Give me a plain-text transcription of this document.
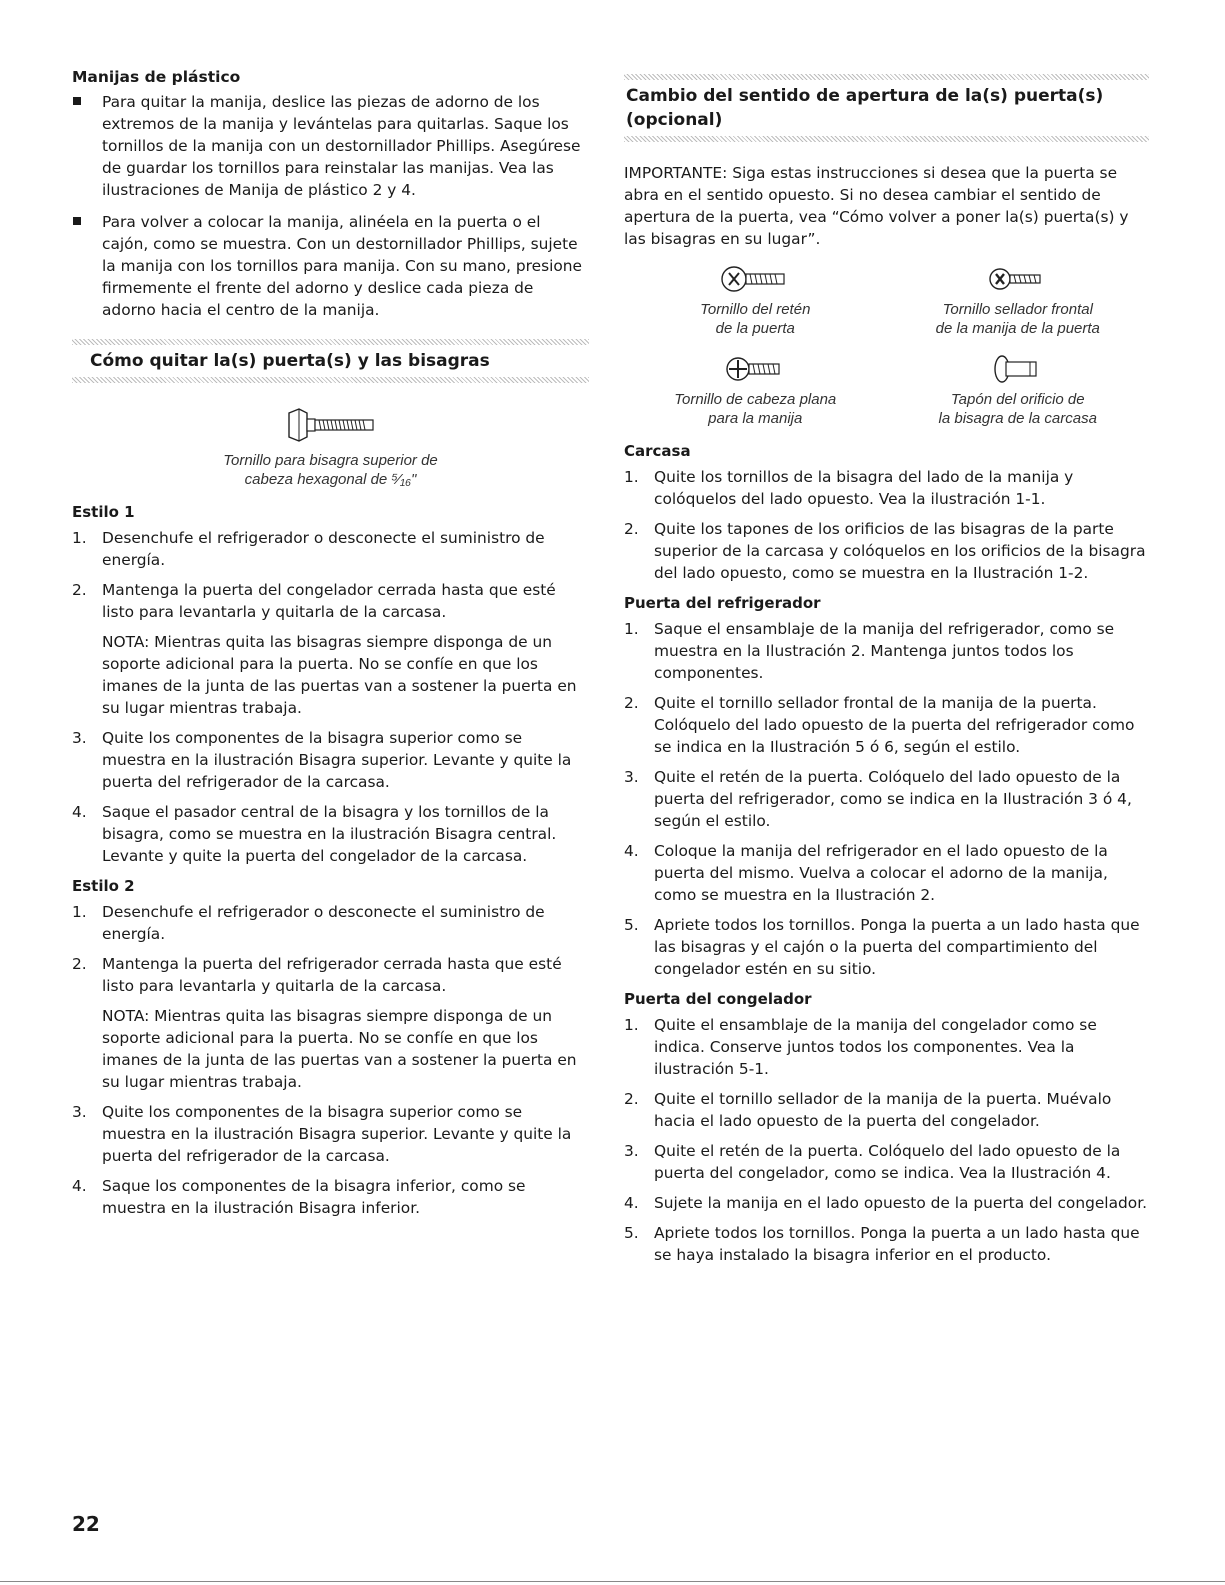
Manijas de plástico
Para quitar la manija, deslice las piezas de adorno de los extremos de la manija y levántelas para quitarlas. Saque los tornillos de la manija con un destornillador Phillips. Asegúrese de guardar los tornillos para reinstalar las manijas. Vea las ilustraciones de Manija de plástico 2 y 4.
Para volver a colocar la manija, alinéela en la puerta o el cajón, como se muestra. Con un destornillador Phillips, sujete la manija con los tornillos para manija. Con su mano, presione firmemente el frente del adorno y deslice cada pieza de adorno hacia el centro de la manija.
Cómo quitar la(s) puerta(s) y las bisagras
Tornillo para bisagra superior de
cabeza hexagonal de ⁵⁄₁₆"
Estilo 1
1. Desenchufe el refrigerador o desconecte el suministro de energía.
2. Mantenga la puerta del congelador cerrada hasta que esté listo para levantarla y quitarla de la carcasa.

NOTA: Mientras quita las bisagras siempre disponga de un soporte adicional para la puerta. No se confíe en que los imanes de la junta de las puertas van a sostener la puerta en su lugar mientras trabaja.

3. Quite los componentes de la bisagra superior como se muestra en la ilustración Bisagra superior. Levante y quite la puerta del refrigerador de la carcasa.
4. Saque el pasador central de la bisagra y los tornillos de la bisagra, como se muestra en la ilustración Bisagra central. Levante y quite la puerta del congelador de la carcasa.
Estilo 2
1. Desenchufe el refrigerador o desconecte el suministro de energía.
2. Mantenga la puerta del refrigerador cerrada hasta que esté listo para levantarla y quitarla de la carcasa.

NOTA: Mientras quita las bisagras siempre disponga de un soporte adicional para la puerta. No se confíe en que los imanes de la junta de las puertas van a sostener la puerta en su lugar mientras trabaja.

3. Quite los componentes de la bisagra superior como se muestra en la ilustración Bisagra superior. Levante y quite la puerta del refrigerador de la carcasa.
4. Saque los componentes de la bisagra inferior, como se muestra en la ilustración Bisagra inferior.
Cambio del sentido de apertura de la(s) puerta(s) (opcional)

IMPORTANTE: Siga estas instrucciones si desea que la puerta se abra en el sentido opuesto. Si no desea cambiar el sentido de apertura de la puerta, vea “Cómo volver a poner la(s) puerta(s) y las bisagras en su lugar”.

Tornillo del retén
de la puerta
Tornillo sellador frontal
de la manija de la puerta
Tornillo de cabeza plana
para la manija
Tapón del orificio de
la bisagra de la carcasa
Carcasa
1. Quite los tornillos de la bisagra del lado de la manija y colóquelos del lado opuesto. Vea la ilustración 1-1.
2. Quite los tapones de los orificios de las bisagras de la parte superior de la carcasa y colóquelos en los orificios de la bisagra del lado opuesto, como se muestra en la Ilustración 1-2.
Puerta del refrigerador
1. Saque el ensamblaje de la manija del refrigerador, como se muestra en la Ilustración 2. Mantenga juntos todos los componentes.
2. Quite el tornillo sellador frontal de la manija de la puerta. Colóquelo del lado opuesto de la puerta del refrigerador como se indica en la Ilustración 5 ó 6, según el estilo.
3. Quite el retén de la puerta. Colóquelo del lado opuesto de la puerta del refrigerador, como se indica en la Ilustración 3 ó 4, según el estilo.
4. Coloque la manija del refrigerador en el lado opuesto de la puerta del mismo. Vuelva a colocar el adorno de la manija, como se muestra en la Ilustración 2.
5. Apriete todos los tornillos. Ponga la puerta a un lado hasta que las bisagras y el cajón o la puerta del compartimiento del congelador estén en su sitio.
Puerta del congelador
1. Quite el ensamblaje de la manija del congelador como se indica. Conserve juntos todos los componentes. Vea la ilustración 5-1.
2. Quite el tornillo sellador de la manija de la puerta. Muévalo hacia el lado opuesto de la puerta del congelador.
3. Quite el retén de la puerta. Colóquelo del lado opuesto de la puerta del congelador, como se indica. Vea la Ilustración 4.
4. Sujete la manija en el lado opuesto de la puerta del congelador.
5. Apriete todos los tornillos. Ponga la puerta a un lado hasta que se haya instalado la bisagra inferior en el producto.
22
